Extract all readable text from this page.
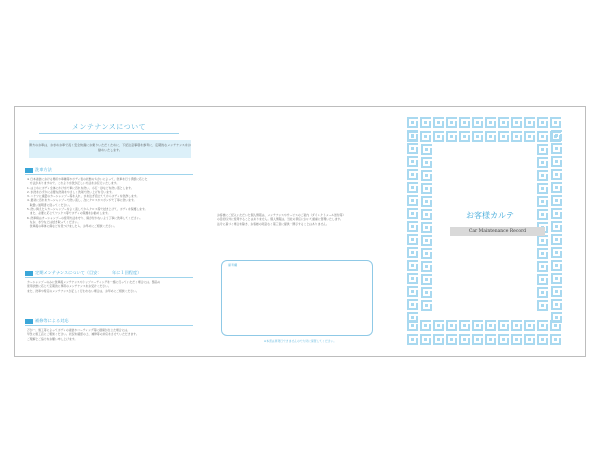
メンテナンスについて
貴方のお車は、お求めお車で長く安全快適にお乗りいただくために、下記注意事項を参考に、定期的なメンテナンスをお勧めいたします。
洗車方法
※ 日本塗装における場所や車種等やボディ表の状態のちがいによって、洗車を行う季節に応じた
　方法がありますので、これより水洗が正しい方法をお伝えいたします。
1. はじめにボディ全体にかけ水で車に汚れを洗い、小石・砂などを洗い落とします。
2. 水洗をわずかに必要な洗剤をやさしく洗剤で洗い上げを行います。
3. バケツに適量のカーシャンプー等を入れ、水を注ぎ泡立ててからボディを洗浄します。
4. 最初に汚れをカーシャンプーで洗い流し、次にクロスやスポンジで丁寧に洗います。
　取扱い説明書に従ってください。
5. 洗い終えたらカーシャンプーをよく流してからクロス等で拭き上げて、ボディを保護します。
　また、必要に応じてワックス等でボディの保護をお勧めします。
6. 洗車時はカーシャンプーの使用方法を守り、傷が付かないよう丁寧に洗車してください。
　なお、水分などは拭き取ってください。
　洗車後の車体に傷などを見つけましたら、お早めにご相談ください。
定期メンテナンスについて（目安：　　　年に１回程度）
カーシャンプーのみに洗車後メンテナンスやトップコーティングを一緒に行っていただく場合には、製品の
使用状態に応じて定期的に専用のメンテナンスをお受けください。
また、洗車や特定のメンテナンスが正しく行われない場合は、お早めにご相談ください。
補修等による対応
万が一、施工等によってボディの塗装やコーティング等に損傷が生じた場合には、
早急に施工店にご相談ください。状況を確認の上、補修等の対応をさせていただきます。
ご理解とご協力をお願い申し上げます。
お客様にご記入いただいた個人情報は、メンテナンスやサービスのご案内（ダイレクトメール送付等）
の目的以外に使用することはありません。個人情報は、当社の責任において厳重に管理いたします。
法令に基づく場合を除き、お客様の同意なく第三者に提供・開示することはありません。
備考欄
※本書は再発行できませんので大切に保管してください。
お客様カルテ
Car Maintenance Record
